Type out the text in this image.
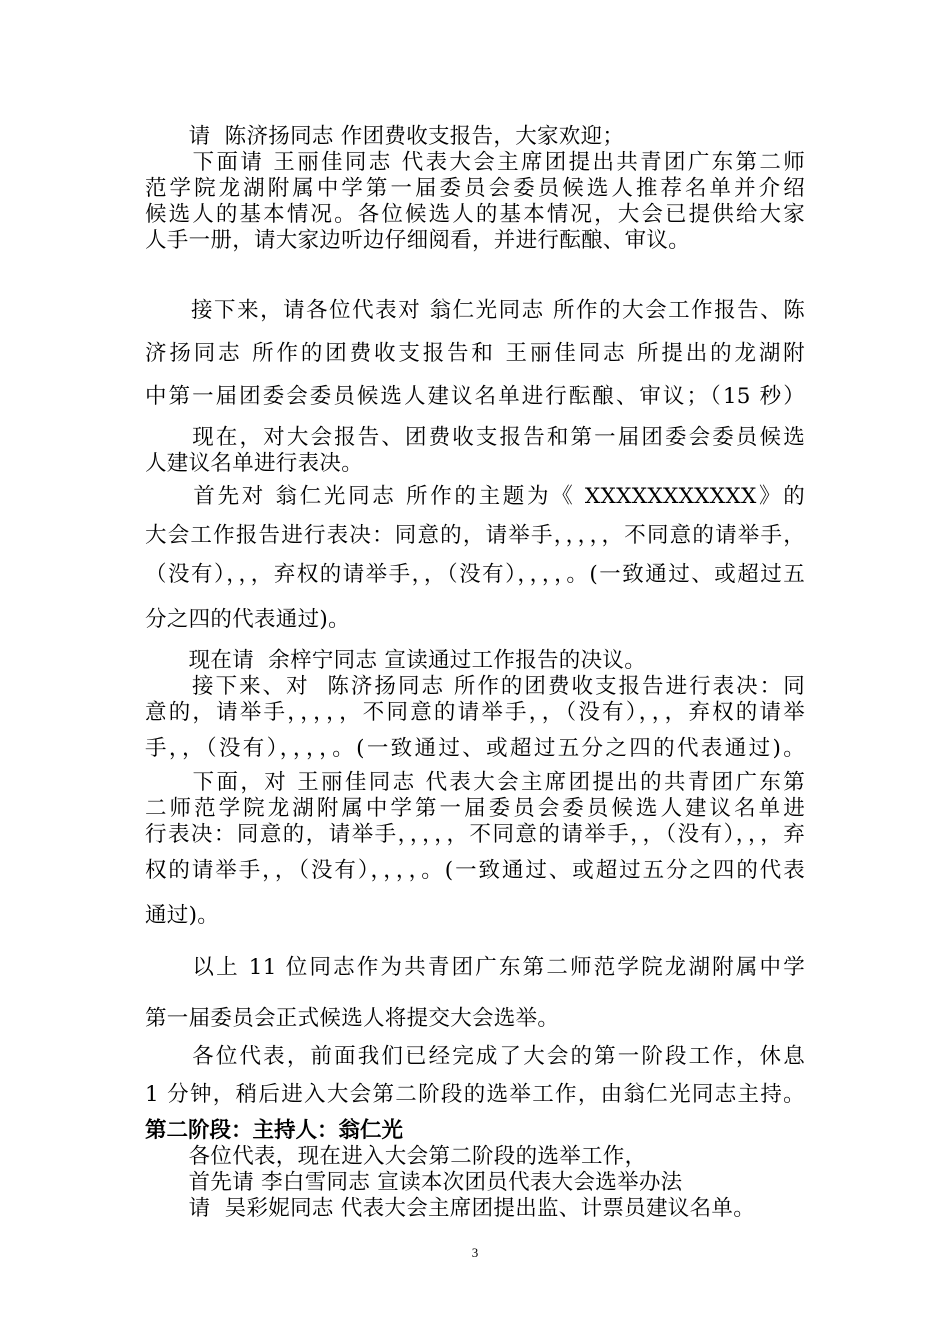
　　请  陈济扬同志 作团费收支报告，大家欢迎；
　　下面请 王丽佳同志 代表大会主席团提出共青团广东第二师
范学院龙湖附属中学第一届委员会委员候选人推荐名单并介绍
候选人的基本情况。各位候选人的基本情况，大会已提供给大家
人手一册，请大家边听边仔细阅看，并进行酝酿、审议。
　　接下来，请各位代表对 翁仁光同志 所作的大会工作报告、陈
济扬同志 所作的团费收支报告和 王丽佳同志 所提出的龙湖附
中第一届团委会委员候选人建议名单进行酝酿、审议；（15 秒）
　　现在，对大会报告、团费收支报告和第一届团委会委员候选
人建议名单进行表决。
　　首先对 翁仁光同志 所作的主题为《 XXXXXXXXXXX》的
大会工作报告进行表决：同意的，请举手，，，，，不同意的请举手，
（没有），，，弃权的请举手，，（没有），，，，。(一致通过、或超过五
分之四的代表通过)。
　　现在请  余梓宁同志 宣读通过工作报告的决议。
　　接下来、对  陈济扬同志 所作的团费收支报告进行表决：同
意的，请举手，，，，，不同意的请举手，，（没有），，，弃权的请举
手，，（没有），，，，。(一致通过、或超过五分之四的代表通过)。
　　下面，对 王丽佳同志 代表大会主席团提出的共青团广东第
二师范学院龙湖附属中学第一届委员会委员候选人建议名单进
行表决：同意的，请举手，，，，，不同意的请举手，，（没有），，，弃
权的请举手，，（没有），，，，。(一致通过、或超过五分之四的代表
通过)。
　　以上 11 位同志作为共青团广东第二师范学院龙湖附属中学
第一届委员会正式候选人将提交大会选举。
　　各位代表，前面我们已经完成了大会的第一阶段工作，休息
1 分钟，稍后进入大会第二阶段的选举工作，由翁仁光同志主持。
第二阶段：主持人：翁仁光
　　各位代表，现在进入大会第二阶段的选举工作，
　　首先请 李白雪同志 宣读本次团员代表大会选举办法
　　请  吴彩妮同志 代表大会主席团提出监、计票员建议名单。
3
